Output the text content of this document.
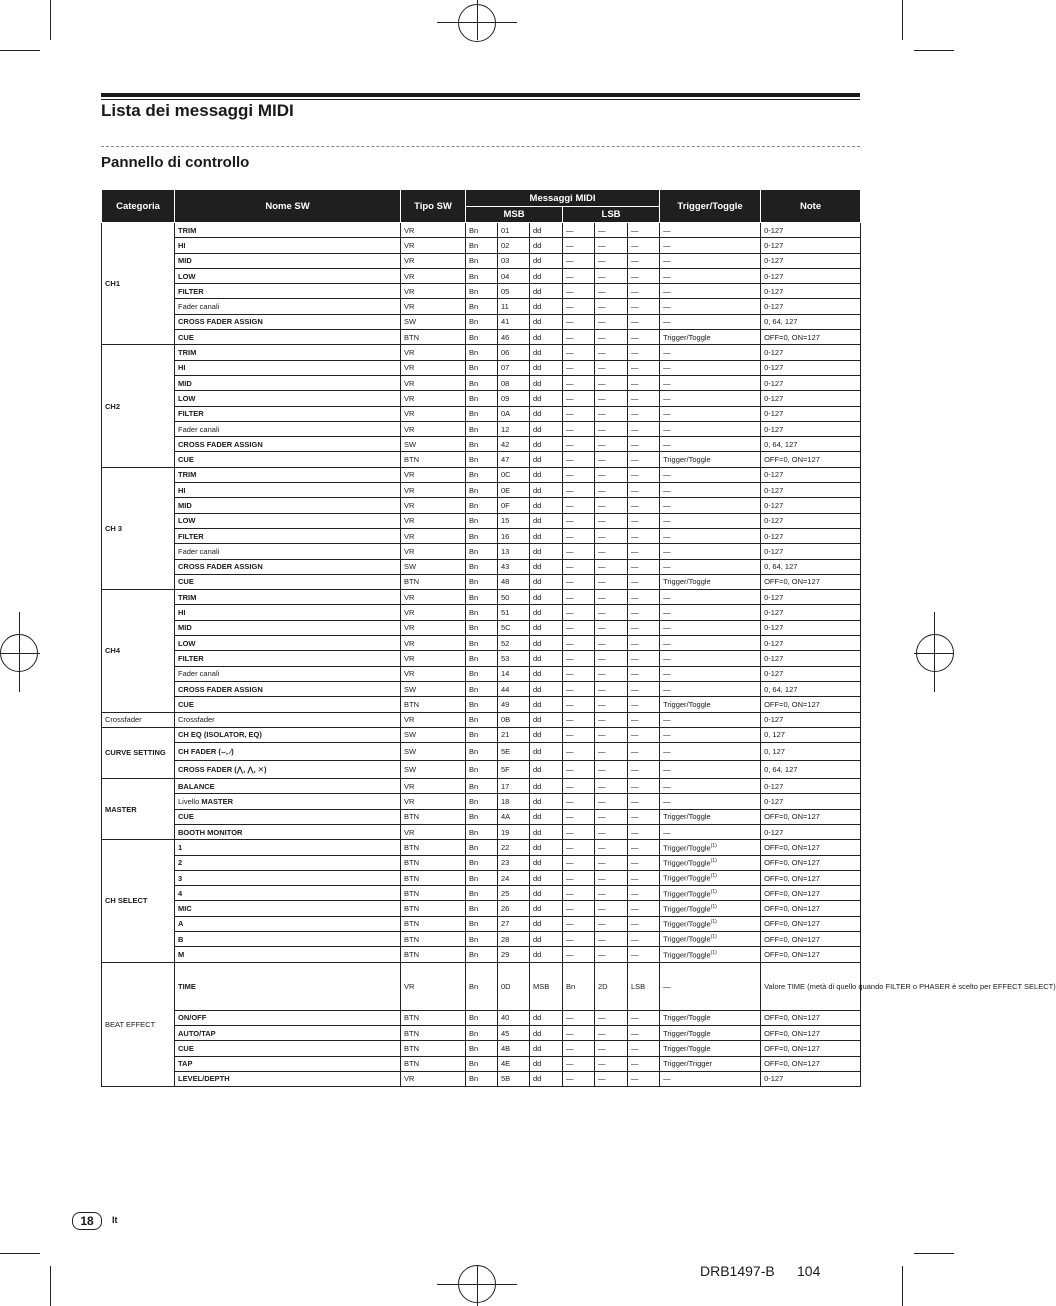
Lista dei messaggi MIDI
Pannello di controllo
Categoria	Nome SW	Tipo SW	Messaggi MIDI						Trigger/Toggle	Note
			MSB			LSB				
CH1	TRIM	VR	Bn	01	dd	—	—	—	—	0-127
	HI	VR	Bn	02	dd	—	—	—	—	0-127
	MID	VR	Bn	03	dd	—	—	—	—	0-127
	LOW	VR	Bn	04	dd	—	—	—	—	0-127
	FILTER	VR	Bn	05	dd	—	—	—	—	0-127
	Fader canali	VR	Bn	11	dd	—	—	—	—	0-127
	CROSS FADER ASSIGN	SW	Bn	41	dd	—	—	—	—	0, 64, 127
	CUE	BTN	Bn	46	dd	—	—	—	Trigger/Toggle	OFF=0, ON=127
CH2	TRIM	VR	Bn	06	dd	—	—	—	—	0-127
	HI	VR	Bn	07	dd	—	—	—	—	0-127
	MID	VR	Bn	08	dd	—	—	—	—	0-127
	LOW	VR	Bn	09	dd	—	—	—	—	0-127
	FILTER	VR	Bn	0A	dd	—	—	—	—	0-127
	Fader canali	VR	Bn	12	dd	—	—	—	—	0-127
	CROSS FADER ASSIGN	SW	Bn	42	dd	—	—	—	—	0, 64, 127
	CUE	BTN	Bn	47	dd	—	—	—	Trigger/Toggle	OFF=0, ON=127
CH 3	TRIM	VR	Bn	0C	dd	—	—	—	—	0-127
	HI	VR	Bn	0E	dd	—	—	—	—	0-127
	MID	VR	Bn	0F	dd	—	—	—	—	0-127
	LOW	VR	Bn	15	dd	—	—	—	—	0-127
	FILTER	VR	Bn	16	dd	—	—	—	—	0-127
	Fader canali	VR	Bn	13	dd	—	—	—	—	0-127
	CROSS FADER ASSIGN	SW	Bn	43	dd	—	—	—	—	0, 64, 127
	CUE	BTN	Bn	48	dd	—	—	—	Trigger/Toggle	OFF=0, ON=127
CH4	TRIM	VR	Bn	50	dd	—	—	—	—	0-127
	HI	VR	Bn	51	dd	—	—	—	—	0-127
	MID	VR	Bn	5C	dd	—	—	—	—	0-127
	LOW	VR	Bn	52	dd	—	—	—	—	0-127
	FILTER	VR	Bn	53	dd	—	—	—	—	0-127
	Fader canali	VR	Bn	14	dd	—	—	—	—	0-127
	CROSS FADER ASSIGN	SW	Bn	44	dd	—	—	—	—	0, 64, 127
	CUE	BTN	Bn	49	dd	—	—	—	Trigger/Toggle	OFF=0, ON=127
Crossfader	Crossfader	VR	Bn	0B	dd	—	—	—	—	0-127
CURVE SETTING	CH EQ (ISOLATOR, EQ)	SW	Bn	21	dd	—	—	—	—	0, 127
	CH FADER (⌣, ⁄)	SW	Bn	5E	dd	—	—	—	—	0, 127
	CROSS FADER (⋀, ⋀, ✕)	SW	Bn	5F	dd	—	—	—	—	0, 64, 127
MASTER	BALANCE	VR	Bn	17	dd	—	—	—	—	0-127
	Livello MASTER	VR	Bn	18	dd	—	—	—	—	0-127
	CUE	BTN	Bn	4A	dd	—	—	—	Trigger/Toggle	OFF=0, ON=127
	BOOTH MONITOR	VR	Bn	19	dd	—	—	—	—	0-127
CH SELECT	1	BTN	Bn	22	dd	—	—	—	Trigger/Toggle$^{(1)}$	OFF=0, ON=127
	2	BTN	Bn	23	dd	—	—	—	Trigger/Toggle$^{(1)}$	OFF=0, ON=127
	3	BTN	Bn	24	dd	—	—	—	Trigger/Toggle$^{(1)}$	OFF=0, ON=127
	4	BTN	Bn	25	dd	—	—	—	Trigger/Toggle$^{(1)}$	OFF=0, ON=127
	MIC	BTN	Bn	26	dd	—	—	—	Trigger/Toggle$^{(1)}$	OFF=0, ON=127
	A	BTN	Bn	27	dd	—	—	—	Trigger/Toggle$^{(1)}$	OFF=0, ON=127
	B	BTN	Bn	28	dd	—	—	—	Trigger/Toggle$^{(1)}$	OFF=0, ON=127
	M	BTN	Bn	29	dd	—	—	—	Trigger/Toggle$^{(1)}$	OFF=0, ON=127
BEAT EFFECT	TIME	VR	Bn	0D	MSB	Bn	2D	LSB	—	Valore TIME (metà di quello quando FILTER o PHASER è scelto per EFFECT SELECT)
	ON/OFF	BTN	Bn	40	dd	—	—	—	Trigger/Toggle	OFF=0, ON=127
	AUTO/TAP	BTN	Bn	45	dd	—	—	—	Trigger/Toggle	OFF=0, ON=127
	CUE	BTN	Bn	4B	dd	—	—	—	Trigger/Toggle	OFF=0, ON=127
	TAP	BTN	Bn	4E	dd	—	—	—	Trigger/Trigger	OFF=0, ON=127
	LEVEL/DEPTH	VR	Bn	5B	dd	—	—	—	—	0-127
18	It
DRB1497-B 104
